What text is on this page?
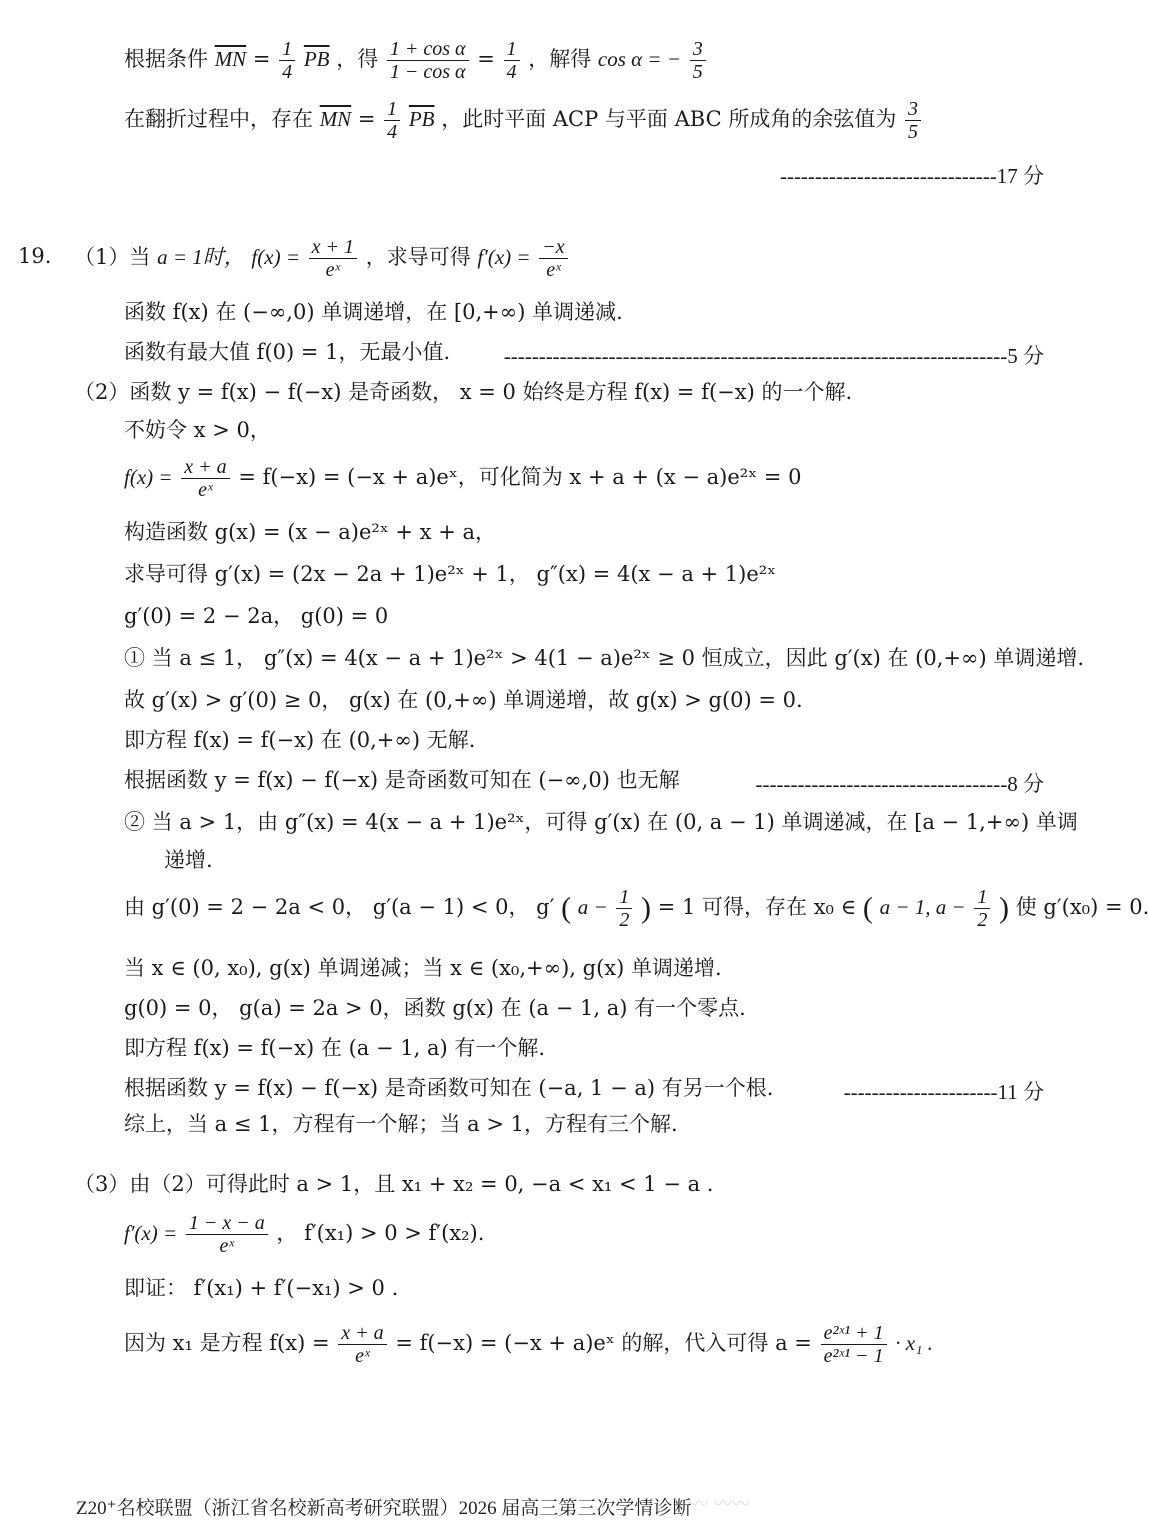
根据条件 $\overline{MN} = \frac{1}{4} \overline{PB}$ ，得 $\frac{\text{1 + cos α}}{\text{1 − cos α}} = \frac{1}{4}$ ，解得 cos α = − $\frac{3}{5}$
在翻折过程中，存在 $\overline{MN} = \frac{1}{4} \overline{PB}$ ，此时平面 ACP 与平面 ABC 所成角的余弦值为 $\frac{3}{5}$
-------------------------------17 分
19. （1）当 a = 1时， $f(x) = \frac{x + 1}{\text{eˣ}}$ ，求导可得 $f'(x) = \frac{-x}{\text{eˣ}}$
函数 f(x) 在 (−∞,0) 单调递增，在 [0,+∞) 单调递减.
函数有最大值 f(0) = 1，无最小值.	------------------------------------------------------------------------5 分
（2）函数 y = f(x) − f(−x) 是奇函数， x = 0 始终是方程 f(x) = f(−x) 的一个解.
不妨令 x > 0，
$f(x) = \frac{x + a}{\text{eˣ}} = f(-x) = (-x$ + a)eˣ，可化简为 x + a + (x − a)e²ˣ = 0
构造函数 g(x) = (x − a)e²ˣ + x + a，
求导可得 g′(x) = (2x − 2a + 1)e²ˣ + 1， g″(x) = 4(x − a + 1)e²ˣ
g′(0) = 2 − 2a， g(0) = 0
① 当 a ≤ 1， g″(x) = 4(x − a + 1)e²ˣ > 4(1 − a)e²ˣ ≥ 0 恒成立，因此 g′(x) 在 (0,+∞) 单调递增.
故 g′(x) > g′(0) ≥ 0， g(x) 在 (0,+∞) 单调递增，故 g(x) > g(0) = 0.
即方程 f(x) = f(−x) 在 (0,+∞) 无解.
根据函数 y = f(x) − f(−x) 是奇函数可知在 (−∞,0) 也无解	------------------------------------8 分
② 当 a > 1，由 g″(x) = 4(x − a + 1)e²ˣ，可得 g′(x) 在 (0, a − 1) 单调递减，在 [a − 1,+∞) 单调
递增.
由 g′(0) = 2 − 2a < 0， g′(a − 1) < 0， g′ ( $a - \frac{1}{2}$ ) = 1 可得，存在 x₀ ∈ ( a − 1, $a - \frac{1}{2}$ ) 使 g′(x₀) = 0.
当 x ∈ (0, x₀), g(x) 单调递减；当 x ∈ (x₀,+∞), g(x) 单调递增.
g(0) = 0， g(a) = 2a > 0，函数 g(x) 在 (a − 1, a) 有一个零点.
即方程 f(x) = f(−x) 在 (a − 1, a) 有一个解.
根据函数 y = f(x) − f(−x) 是奇函数可知在 (−a, 1 − a) 有另一个根.	----------------------11 分
综上，当 a ≤ 1，方程有一个解；当 a > 1，方程有三个解.
（3）由（2）可得此时 a > 1，且 x₁ + x₂ = 0, −a < x₁ < 1 − a .
$f'(x) = \frac{1 - x - a}{\text{eˣ}}$ ， f′(x₁) > 0 > f′(x₂).
即证： f′(x₁) + f′(−x₁) > 0 .
因为 x₁ 是方程 $f(x) = \frac{x + a}{\text{eˣ}} = f(-x) = (-x$ + a)eˣ 的解，代入可得 $a = \frac{\text{e²ˣ¹ + 1}}{\text{e²ˣ¹ − 1}} \cdot x_1$ .
Z20⁺名校联盟（浙江省名校新高考研究联盟）2026 届高三第三次学情诊断
〰 〰〰
